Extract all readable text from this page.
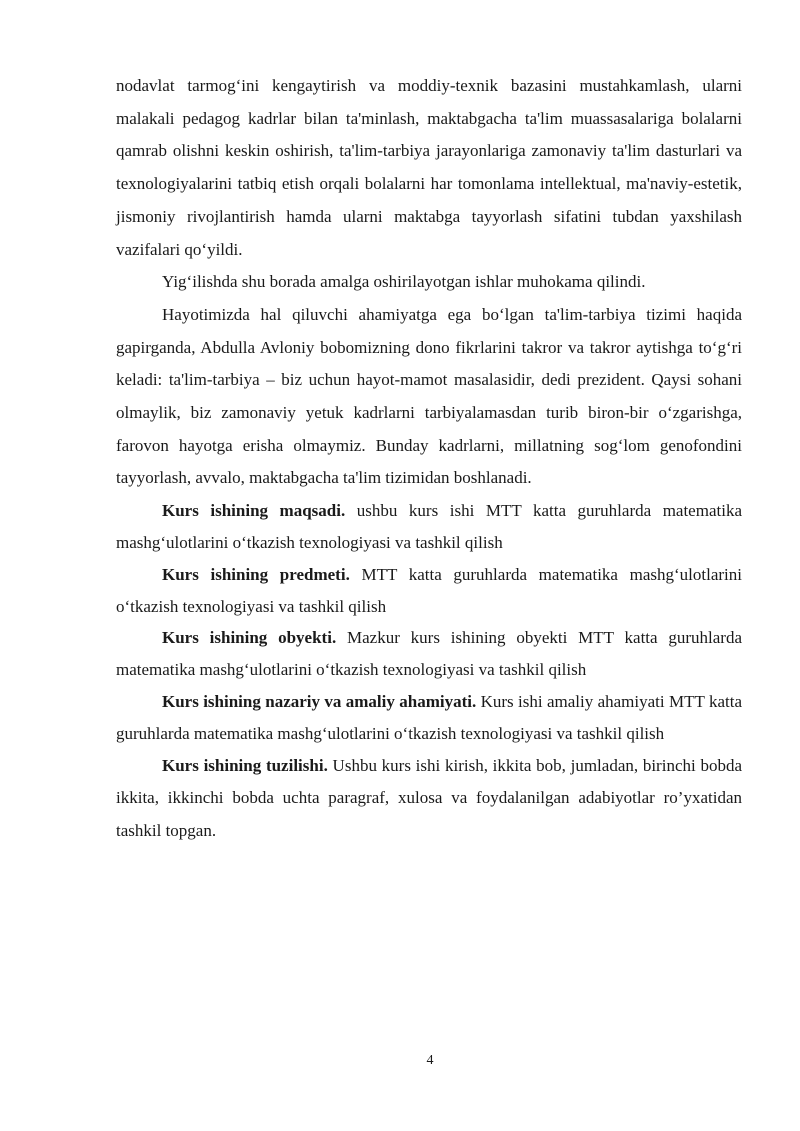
nodavlat tarmog‘ini kengaytirish va moddiy-texnik bazasini mustahkamlash, ularni malakali pedagog kadrlar bilan ta'minlash, maktabgacha ta'lim muassasalariga bolalarni qamrab olishni keskin oshirish, ta'lim-tarbiya jarayonlariga zamonaviy ta'lim dasturlari va texnologiyalarini tatbiq etish orqali bolalarni har tomonlama intellektual, ma'naviy-estetik, jismoniy rivojlantirish hamda ularni maktabga tayyorlash sifatini tubdan yaxshilash vazifalari qo‘yildi.

Yig‘ilishda shu borada amalga oshirilayotgan ishlar muhokama qilindi.

Hayotimizda hal qiluvchi ahamiyatga ega bo‘lgan ta'lim-tarbiya tizimi haqida gapirganda, Abdulla Avloniy bobomizning dono fikrlarini takror va takror aytishga to‘g‘ri keladi: ta'lim-tarbiya – biz uchun hayot-mamot masalasidir, dedi prezident. Qaysi sohani olmaylik, biz zamonaviy yetuk kadrlarni tarbiyalamasdan turib biron-bir o‘zgarishga, farovon hayotga erisha olmaymiz. Bunday kadrlarni, millatning sog‘lom genofondini tayyorlash, avvalo, maktabgacha ta'lim tizimidan boshlanadi.

Kurs ishining maqsadi. ushbu kurs ishi MTT katta guruhlarda matematika mashg‘ulotlarini o‘tkazish texnologiyasi va tashkil qilish

Kurs ishining predmeti. MTT katta guruhlarda matematika mashg‘ulotlarini o‘tkazish texnologiyasi va tashkil qilish

Kurs ishining obyekti. Mazkur kurs ishining obyekti MTT katta guruhlarda matematika mashg‘ulotlarini o‘tkazish texnologiyasi va tashkil qilish

Kurs ishining nazariy va amaliy ahamiyati. Kurs ishi amaliy ahamiyati MTT katta guruhlarda matematika mashg‘ulotlarini o‘tkazish texnologiyasi va tashkil qilish

Kurs ishining tuzilishi. Ushbu kurs ishi kirish, ikkita bob, jumladan, birinchi bobda ikkita, ikkinchi bobda uchta paragraf, xulosa va foydalanilgan adabiyotlar ro’yxatidan tashkil topgan.

4
